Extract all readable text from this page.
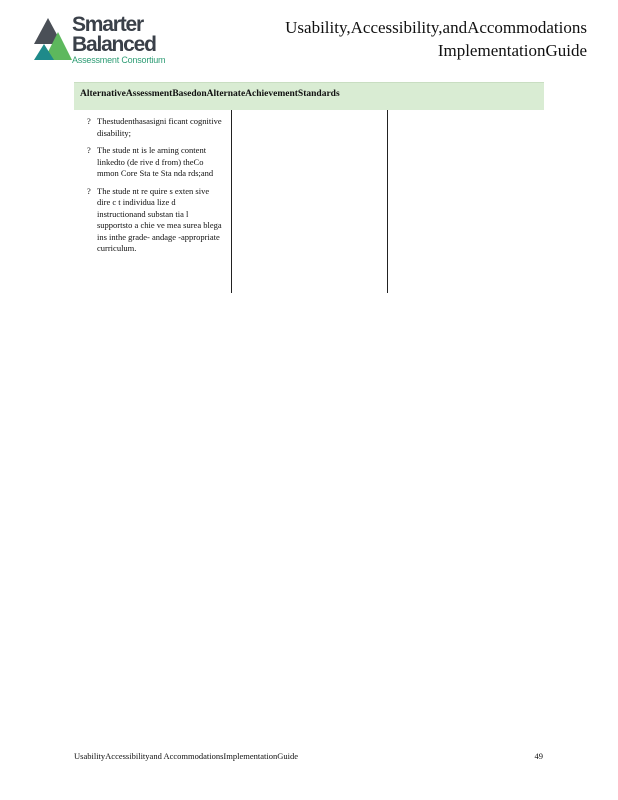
Smarter
Balanced
Assessment Consortium
Usability,Accessibility,andAccommodations
ImplementationGuide
AlternativeAssessmentBasedonAlternateAchievementStandards
? Thestudenthasasigni ficant cognitive disability;
? The stude nt is le arning content linkedto (de rive d from) theCo mmon Core Sta te Sta nda rds;and
? The stude nt re quire s exten sive dire c t individua lize d instructionand substan tia l supportsto a chie ve mea surea blega ins inthe grade- andage -appropriate curriculum.
UsabilityAccessibilityand AccommodationsImplementationGuide	49
